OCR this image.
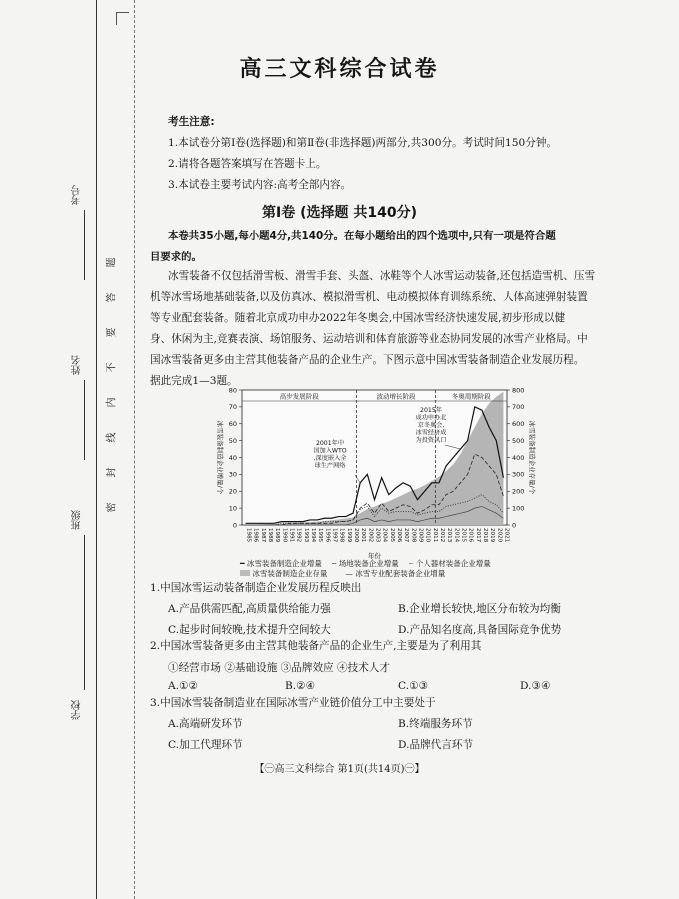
考号
姓名
班级
学校
密
封
线
内
不
要
答
题
高三文科综合试卷
考生注意:
1.本试卷分第Ⅰ卷(选择题)和第Ⅱ卷(非选择题)两部分,共300分。考试时间150分钟。
2.请将各题答案填写在答题卡上。
3.本试卷主要考试内容:高考全部内容。
第Ⅰ卷 (选择题 共140分)
本卷共35小题,每小题4分,共140分。在每小题给出的四个选项中,只有一项是符合题
目要求的。
冰雪装备不仅包括滑雪板、滑雪手套、头盔、冰鞋等个人冰雪运动装备,还包括造雪机、压雪
机等冰雪场地基础装备,以及仿真冰、模拟滑雪机、电动模拟体育训练系统、人体高速弹射装置
等专业配套装备。随着北京成功申办2022年冬奥会,中国冰雪经济快速发展,初步形成以健
身、休闲为主,竞赛表演、场馆服务、运动培训和体育旅游等业态协同发展的冰雪产业格局。中
国冰雪装备更多由主营其他装备产品的企业生产。下图示意中国冰雪装备制造企业发展历程。
据此完成1—3题。
高步发展阶段	波动增长阶段	冬奥周期阶段
0
10
20
30
40
50
60
70
80
0
100
200
300
400
500
600
700
800
1985 1986 1987 1988 1989 1990 1991 1992 1993 1994 1995 1996 1997 1998 1999 2000 2001 2002 2003 2004 2005 2006 2007 2008 2009 2010 2011 2012 2013 2014 2015 2016 2017 2018 2019 2020 2021
年份
冰雪装备制造企业增量/个	冰雪装备制造企业存量/个
2001年中国加入WTO ,深度嵌入全球生产网络
2015年成功申办北京冬奥会,冰雪经济成为投资风口
━ 冰雪装备制造企业增量 ╌ 场地装备企业增量 ┈ 个人器材装备企业增量
冰雪装备制造企业存量 — 冰雪专业配套装备企业增量
1.中国冰雪运动装备制造企业发展历程反映出
A.产品供需匹配,高质量供给能力强	B.企业增长较快,地区分布较为均衡
C.起步时间较晚,技术提升空间较大	D.产品知名度高,具备国际竞争优势
2.中国冰雪装备更多由主营其他装备产品的企业生产,主要是为了利用其
①经营市场 ②基础设施 ③品牌效应 ④技术人才
A.①②	B.②④	C.①③	D.③④
3.中国冰雪装备制造业在国际冰雪产业链价值分工中主要处于
A.高端研发环节	B.终端服务环节
C.加工代理环节	D.品牌代言环节
【㊀高三文科综合 第1页(共14页)㊀】
